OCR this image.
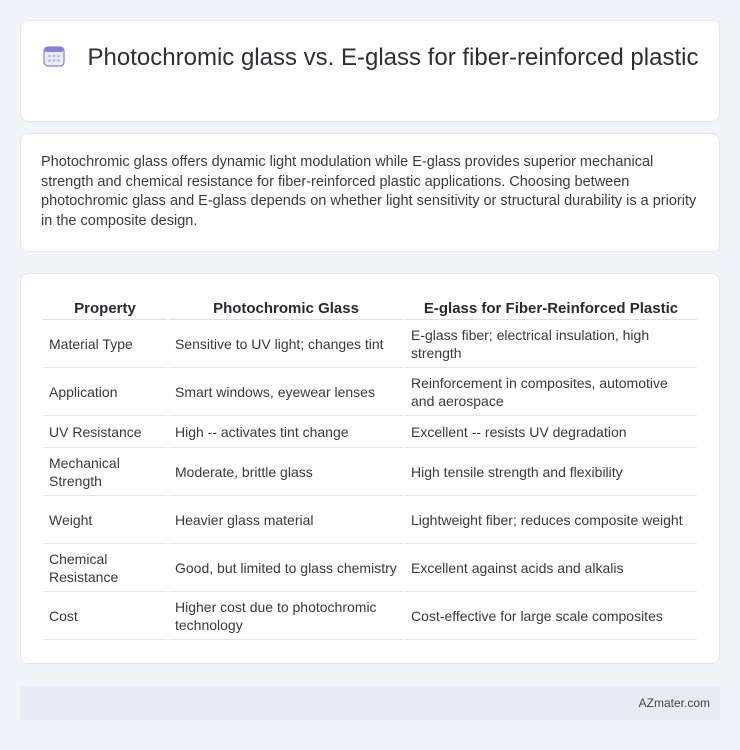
Photochromic glass vs. E-glass for fiber-reinforced plastic

Photochromic glass offers dynamic light modulation while E-glass provides superior mechanical strength and chemical resistance for fiber-reinforced plastic applications. Choosing between photochromic glass and E-glass depends on whether light sensitivity or structural durability is a priority in the composite design.

Property	Photochromic Glass	E-glass for Fiber-Reinforced Plastic
Material Type	Sensitive to UV light; changes tint	E-glass fiber; electrical insulation, high strength
Application	Smart windows, eyewear lenses	Reinforcement in composites, automotive and aerospace
UV Resistance	High -- activates tint change	Excellent -- resists UV degradation
Mechanical Strength	Moderate, brittle glass	High tensile strength and flexibility
Weight	Heavier glass material	Lightweight fiber; reduces composite weight
Chemical Resistance	Good, but limited to glass chemistry	Excellent against acids and alkalis
Cost	Higher cost due to photochromic technology	Cost-effective for large scale composites
AZmater.com
